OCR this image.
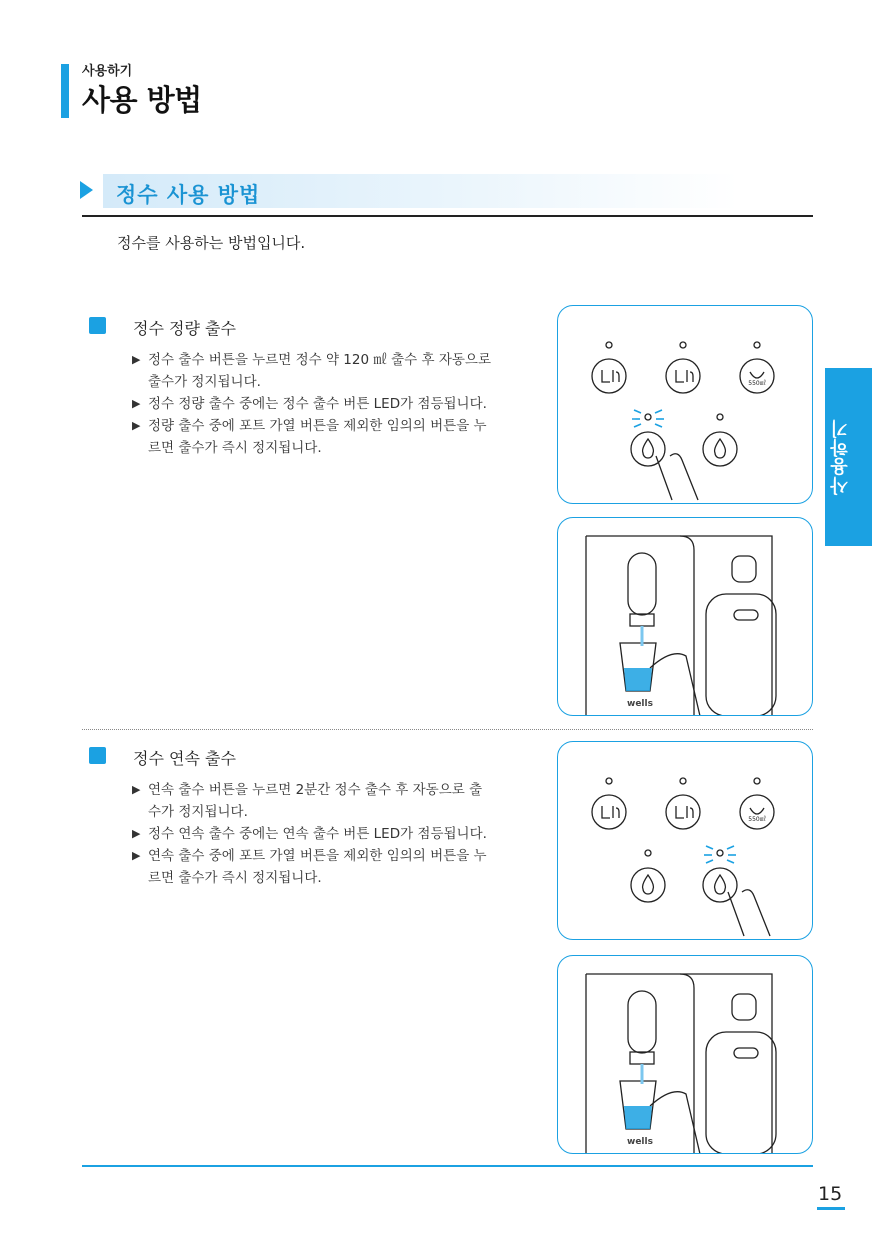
사용하기
사용 방법
정수 사용 방법
정수를 사용하는 방법입니다.
정수 정량 출수
▶ 정수 출수 버튼을 누르면 정수 약 120 ㎖ 출수 후 자동으로 출수가 정지됩니다.
▶ 정수 정량 출수 중에는 정수 출수 버튼 LED가 점등됩니다.
▶ 정량 출수 중에 포트 가열 버튼을 제외한 임의의 버튼을 누르면 출수가 즉시 정지됩니다.
정수 연속 출수
▶ 연속 출수 버튼을 누르면 2분간 정수 출수 후 자동으로 출수가 정지됩니다.
▶ 정수 연속 출수 중에는 연속 출수 버튼 LED가 점등됩니다.
▶ 연속 출수 중에 포트 가열 버튼을 제외한 임의의 버튼을 누르면 출수가 즉시 정지됩니다.
550㎖
wells
550㎖
wells
사용하기
15
